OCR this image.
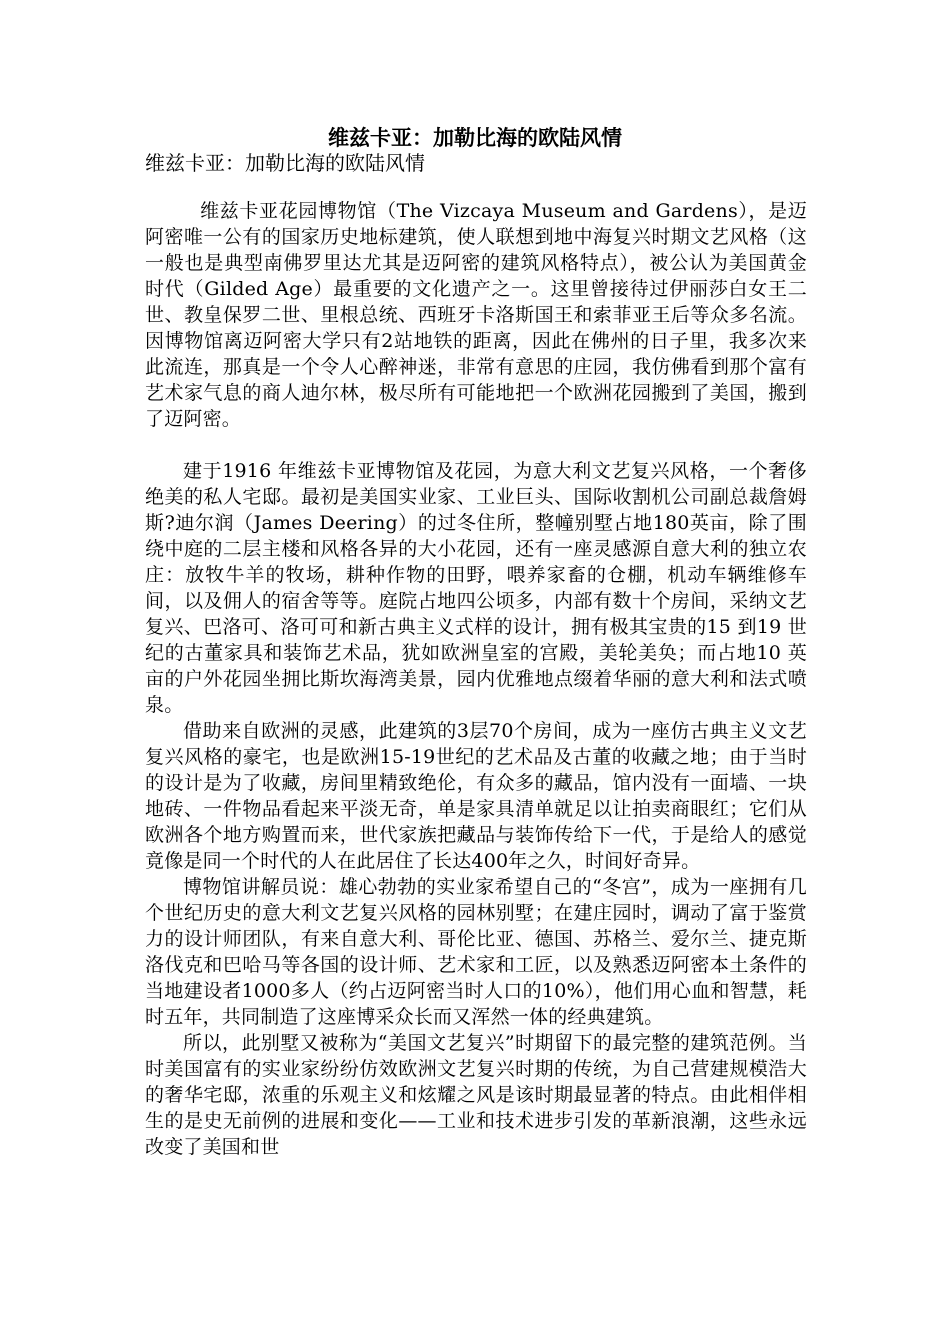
维兹卡亚：加勒比海的欧陆风情

维兹卡亚：加勒比海的欧陆风情

维兹卡亚花园博物馆（The Vizcaya Museum and Gardens），是迈阿密唯一公有的国家历史地标建筑，使人联想到地中海复兴时期文艺风格（这一般也是典型南佛罗里达尤其是迈阿密的建筑风格特点），被公认为美国黄金时代（Gilded Age）最重要的文化遗产之一。这里曾接待过伊丽莎白女王二世、教皇保罗二世、里根总统、西班牙卡洛斯国王和索菲亚王后等众多名流。因博物馆离迈阿密大学只有2站地铁的距离，因此在佛州的日子里，我多次来此流连，那真是一个令人心醉神迷，非常有意思的庄园，我仿佛看到那个富有艺术家气息的商人迪尔林，极尽所有可能地把一个欧洲花园搬到了美国，搬到了迈阿密。

建于1916 年维兹卡亚博物馆及花园，为意大利文艺复兴风格，一个奢侈绝美的私人宅邸。最初是美国实业家、工业巨头、国际收割机公司副总裁詹姆斯?迪尔润（James Deering）的过冬住所，整幢别墅占地180英亩，除了围绕中庭的二层主楼和风格各异的大小花园，还有一座灵感源自意大利的独立农庄：放牧牛羊的牧场，耕种作物的田野，喂养家畜的仓棚，机动车辆维修车间，以及佣人的宿舍等等。庭院占地四公顷多，内部有数十个房间，采纳文艺复兴、巴洛可、洛可可和新古典主义式样的设计，拥有极其宝贵的15 到19 世纪的古董家具和装饰艺术品，犹如欧洲皇室的宫殿，美轮美奂；而占地10 英亩的户外花园坐拥比斯坎海湾美景，园内优雅地点缀着华丽的意大利和法式喷泉。

借助来自欧洲的灵感，此建筑的3层70个房间，成为一座仿古典主义文艺复兴风格的豪宅，也是欧洲15-19世纪的艺术品及古董的收藏之地；由于当时的设计是为了收藏，房间里精致绝伦，有众多的藏品，馆内没有一面墙、一块地砖、一件物品看起来平淡无奇，单是家具清单就足以让拍卖商眼红；它们从欧洲各个地方购置而来，世代家族把藏品与装饰传给下一代，于是给人的感觉竟像是同一个时代的人在此居住了长达400年之久，时间好奇异。

博物馆讲解员说：雄心勃勃的实业家希望自己的“冬宫”，成为一座拥有几个世纪历史的意大利文艺复兴风格的园林别墅；在建庄园时，调动了富于鉴赏力的设计师团队，有来自意大利、哥伦比亚、德国、苏格兰、爱尔兰、捷克斯洛伐克和巴哈马等各国的设计师、艺术家和工匠，以及熟悉迈阿密本土条件的当地建设者1000多人（约占迈阿密当时人口的10%），他们用心血和智慧，耗时五年，共同制造了这座博采众长而又浑然一体的经典建筑。

所以，此别墅又被称为“美国文艺复兴”时期留下的最完整的建筑范例。当时美国富有的实业家纷纷仿效欧洲文艺复兴时期的传统，为自己营建规模浩大的奢华宅邸，浓重的乐观主义和炫耀之风是该时期最显著的特点。由此相伴相生的是史无前例的进展和变化——工业和技术进步引发的革新浪潮，这些永远改变了美国和世
